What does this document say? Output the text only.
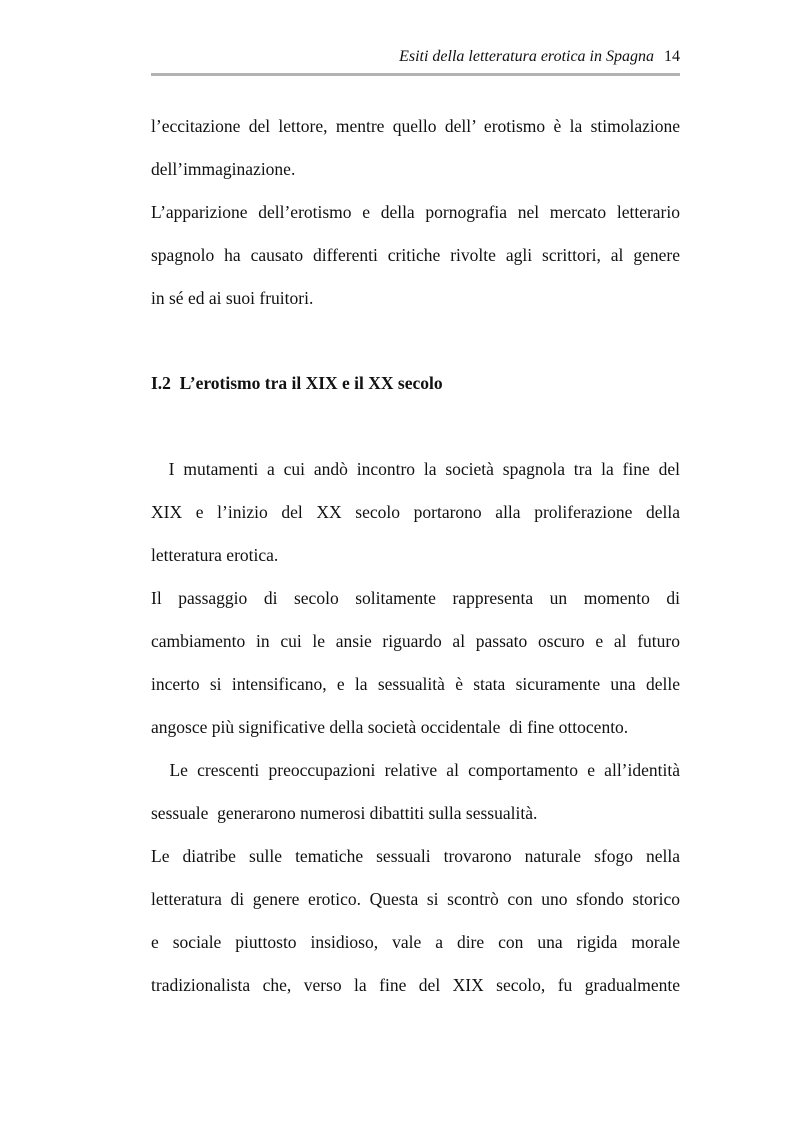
Esiti della letteratura erotica in Spagna 14
l’eccitazione del lettore, mentre quello dell’ erotismo è la stimolazione
dell’immaginazione.
L’apparizione dell’erotismo e della pornografia nel mercato letterario
spagnolo ha causato differenti critiche rivolte agli scrittori, al genere
in sé ed ai suoi fruitori.
I.2  L’erotismo tra il XIX e il XX secolo
I mutamenti a cui andò incontro la società spagnola tra la fine del
XIX e l’inizio del XX secolo portarono alla proliferazione della
letteratura erotica.
Il passaggio di secolo solitamente rappresenta un momento di
cambiamento in cui le ansie riguardo al passato oscuro e al futuro
incerto si intensificano, e la sessualità è stata sicuramente una delle
angosce più significative della società occidentale  di fine ottocento.
Le crescenti preoccupazioni relative al comportamento e all’identità
sessuale  generarono numerosi dibattiti sulla sessualità.
Le diatribe sulle tematiche sessuali trovarono naturale sfogo nella
letteratura di genere erotico. Questa si scontrò con uno sfondo storico
e sociale piuttosto insidioso, vale a dire con una rigida morale
tradizionalista che, verso la fine del XIX secolo, fu gradualmente
